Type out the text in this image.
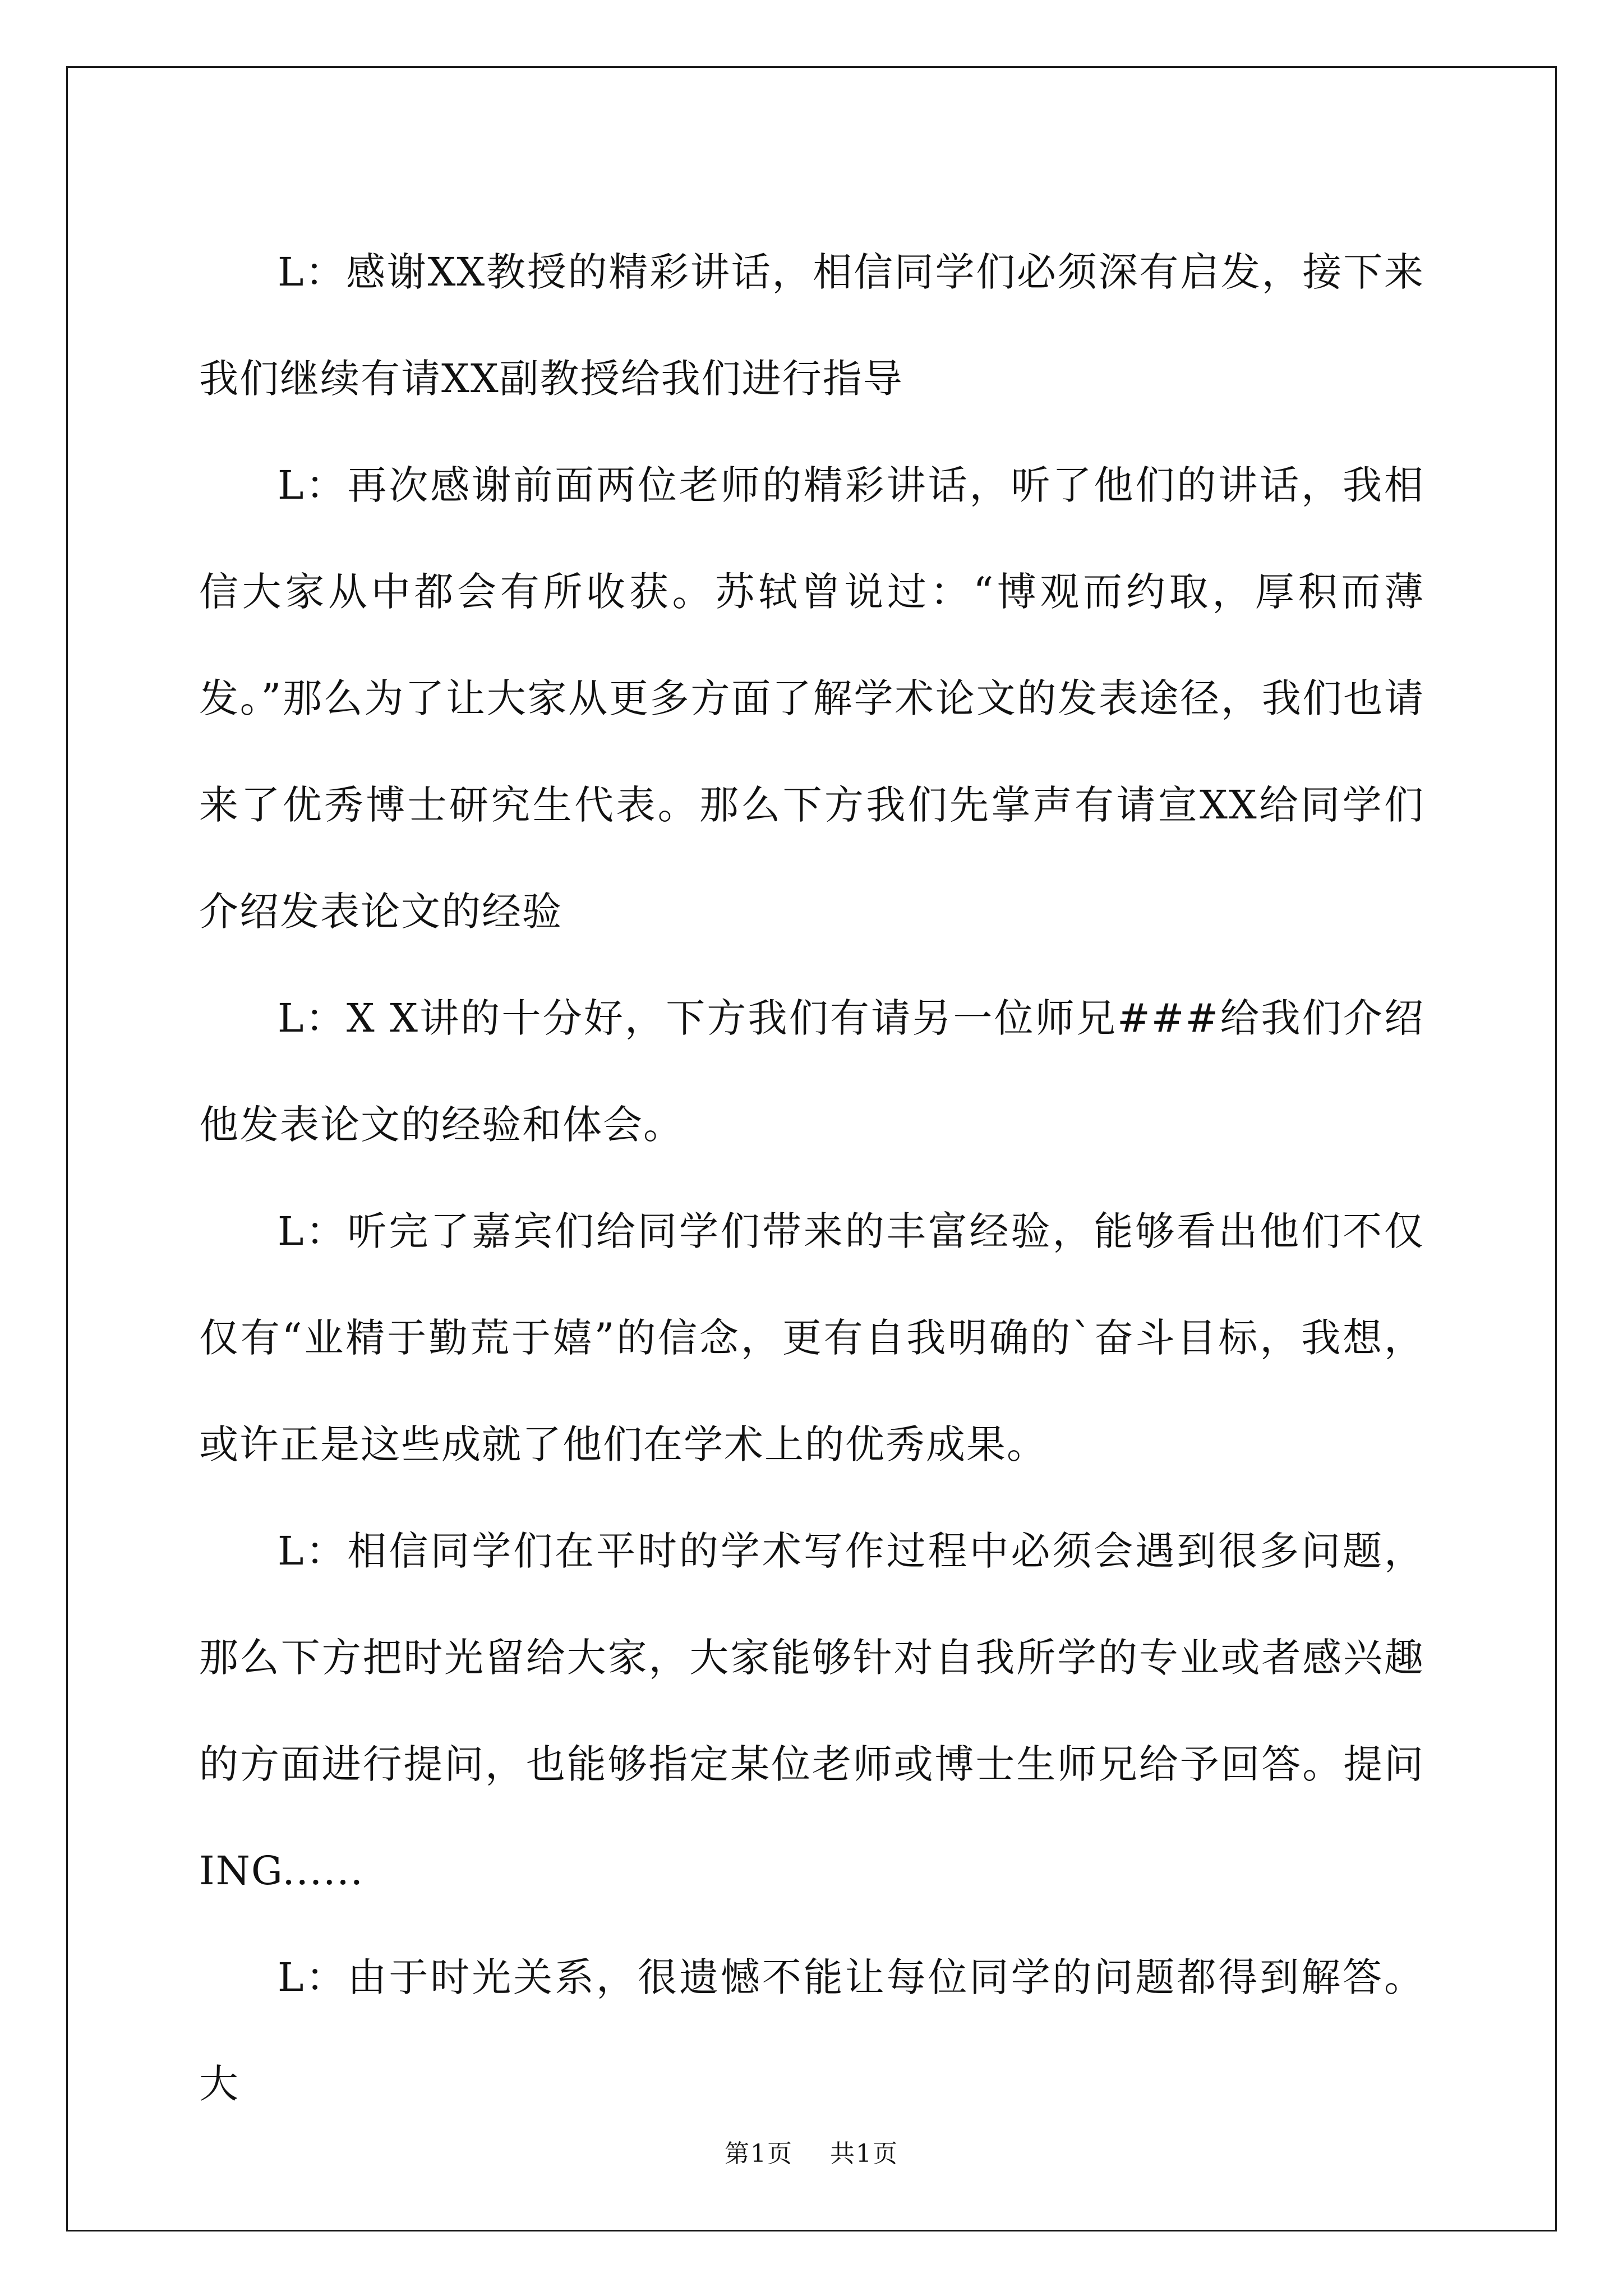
L：感谢XX教授的精彩讲话，相信同学们必须深有启发，接下来我们继续有请XX副教授给我们进行指导

L：再次感谢前面两位老师的精彩讲话，听了他们的讲话，我相信大家从中都会有所收获。苏轼曾说过：“博观而约取，厚积而薄发。”那么为了让大家从更多方面了解学术论文的发表途径，我们也请来了优秀博士研究生代表。那么下方我们先掌声有请宣XX给同学们介绍发表论文的经验

L：X X讲的十分好，下方我们有请另一位师兄###给我们介绍他发表论文的经验和体会。

L：听完了嘉宾们给同学们带来的丰富经验，能够看出他们不仅仅有“业精于勤荒于嬉”的信念，更有自我明确的`奋斗目标，我想，或许正是这些成就了他们在学术上的优秀成果。

L：相信同学们在平时的学术写作过程中必须会遇到很多问题，那么下方把时光留给大家，大家能够针对自我所学的专业或者感兴趣的方面进行提问，也能够指定某位老师或博士生师兄给予回答。提问ING......

L：由于时光关系，很遗憾不能让每位同学的问题都得到解答。大

第1页 共1页
